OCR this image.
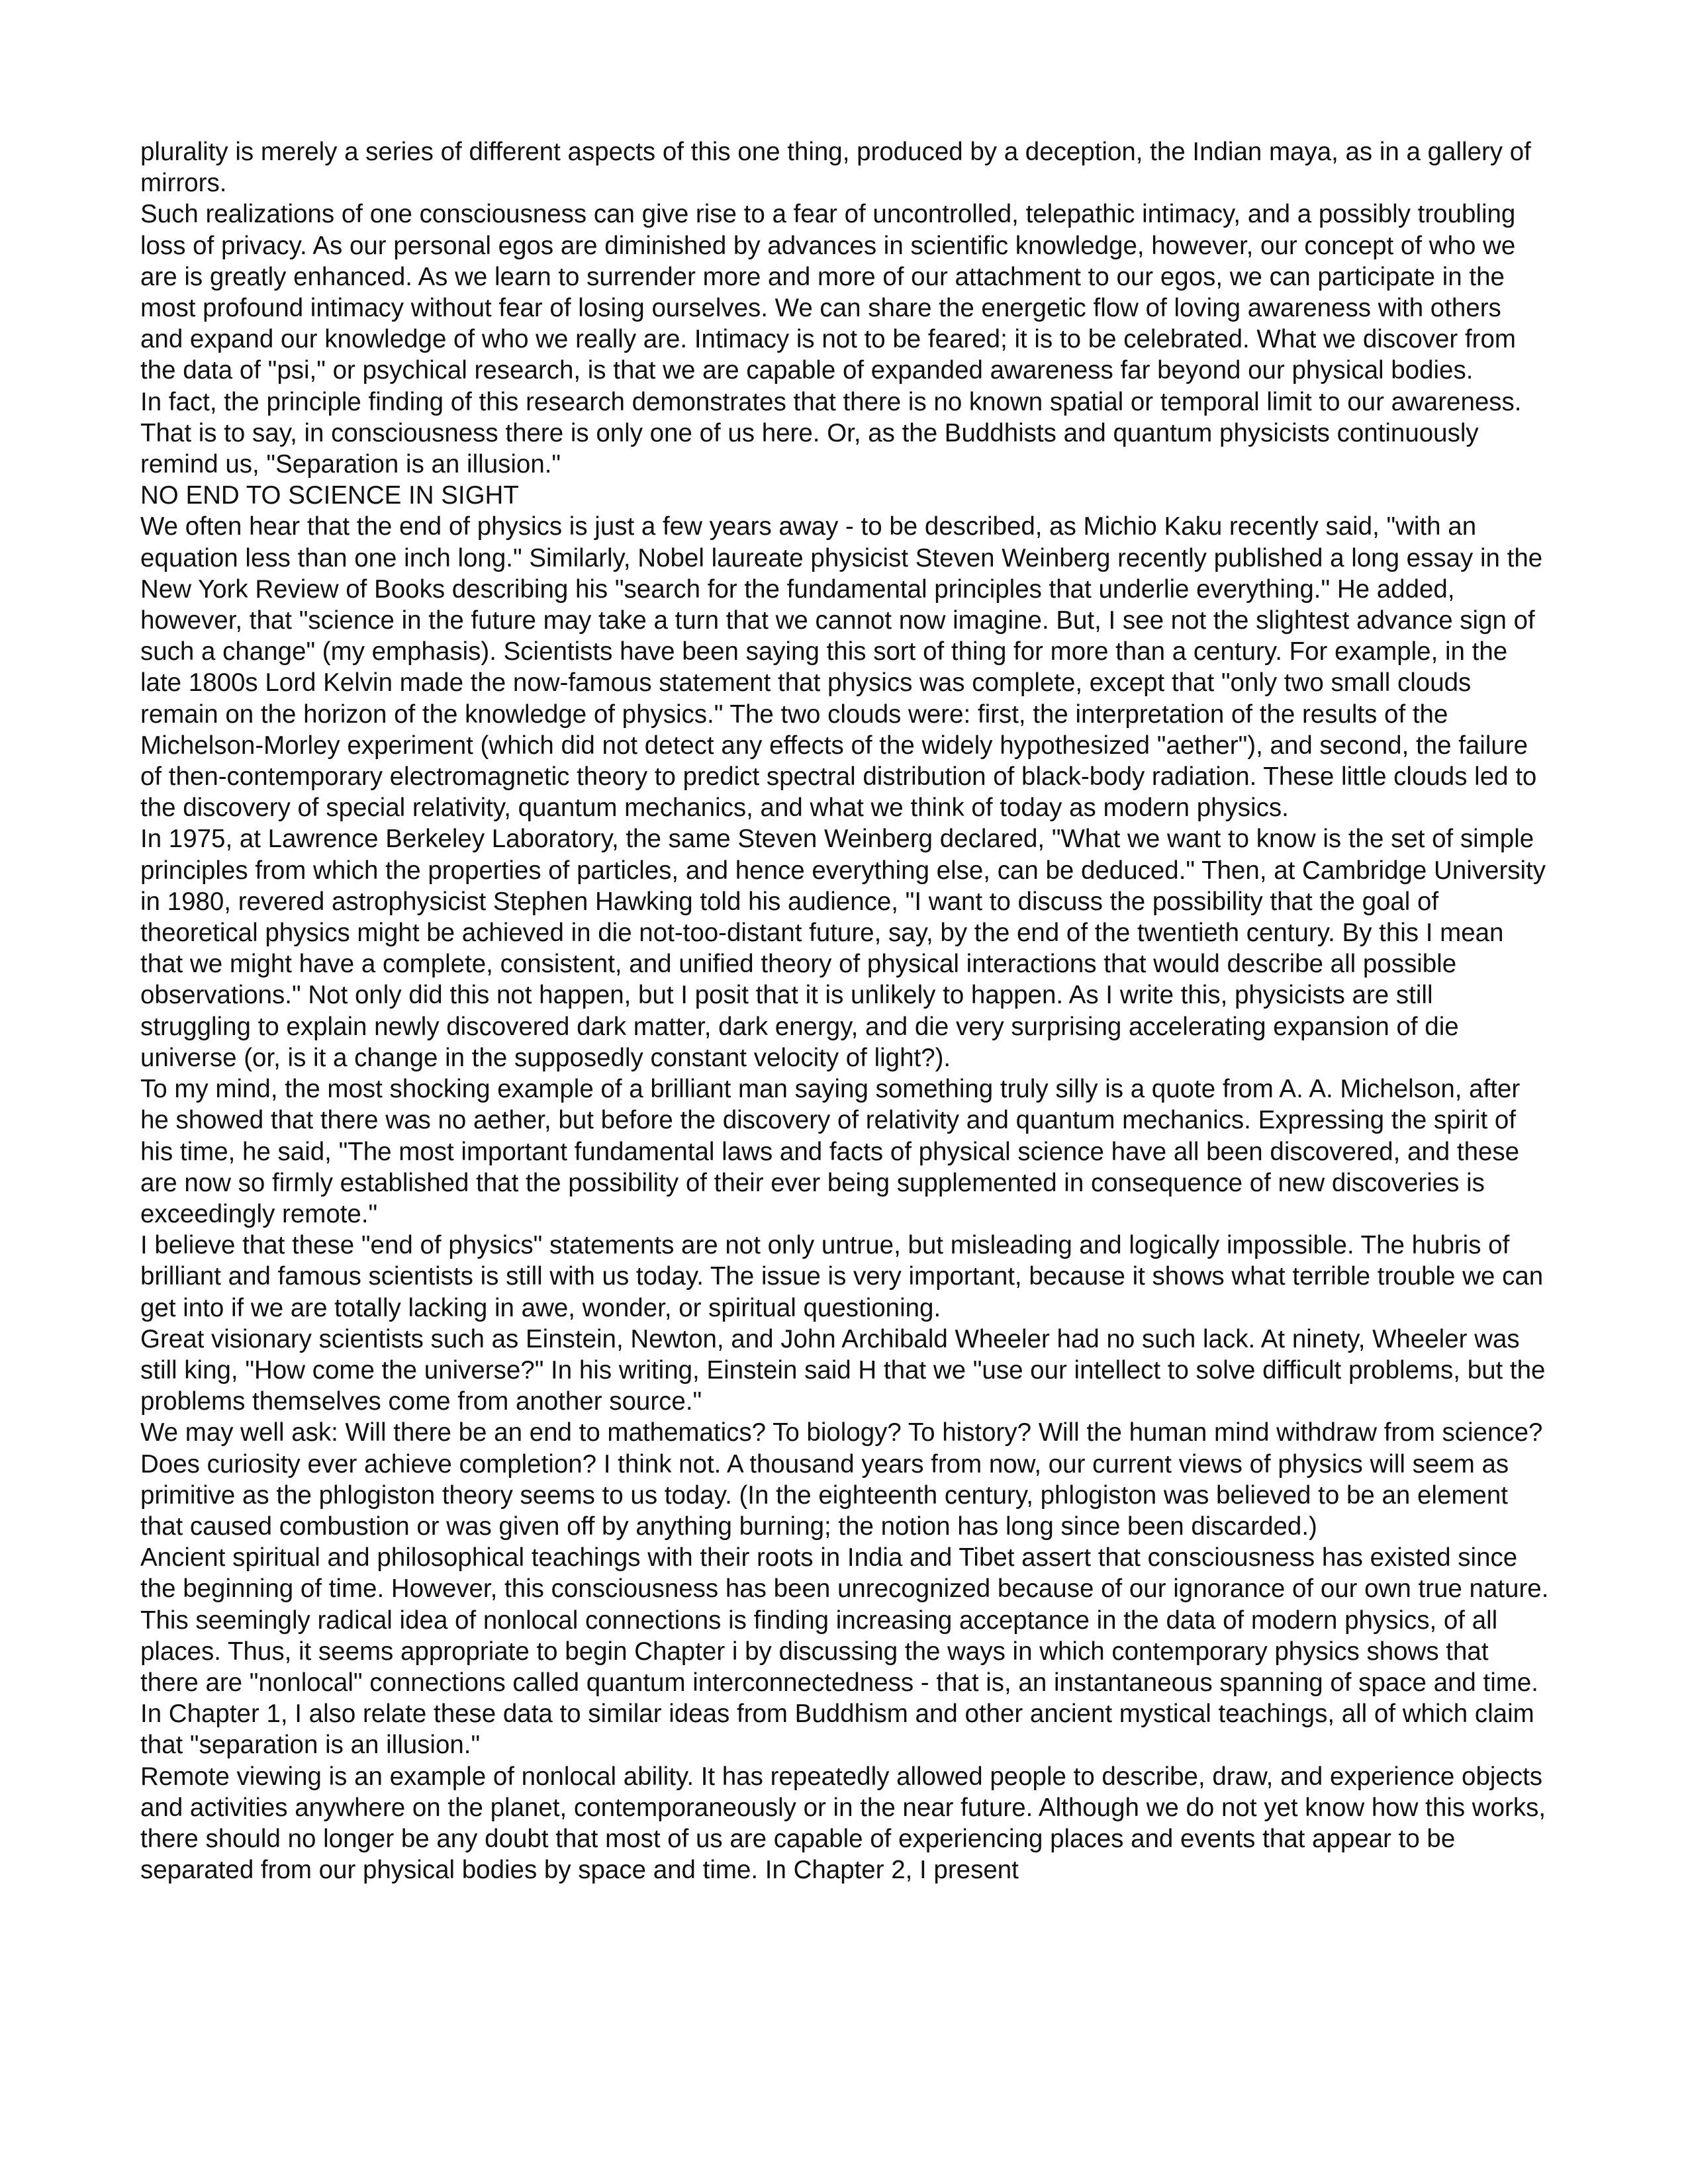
plurality is merely a series of different aspects of this one thing, produced by a deception, the Indian maya, as in a gallery of mirrors.

Such realizations of one consciousness can give rise to a fear of uncontrolled, telepathic intimacy, and a possibly troubling loss of privacy. As our personal egos are diminished by advances in scientific knowledge, however, our concept of who we are is greatly enhanced. As we learn to surrender more and more of our attachment to our egos, we can participate in the most profound intimacy without fear of losing ourselves. We can share the energetic flow of loving awareness with others and expand our knowledge of who we really are. Intimacy is not to be feared; it is to be celebrated. What we discover from the data of "psi," or psychical research, is that we are capable of expanded awareness far beyond our physical bodies.

In fact, the principle finding of this research demonstrates that there is no known spatial or temporal limit to our awareness. That is to say, in consciousness there is only one of us here. Or, as the Buddhists and quantum physicists continuously remind us, "Separation is an illusion."

NO END TO SCIENCE IN SIGHT

We often hear that the end of physics is just a few years away - to be described, as Michio Kaku recently said, "with an equation less than one inch long." Similarly, Nobel laureate physicist Steven Weinberg recently published a long essay in the New York Review of Books describing his "search for the fundamental principles that underlie everything." He added, however, that "science in the future may take a turn that we cannot now imagine. But, I see not the slightest advance sign of such a change" (my emphasis). Scientists have been saying this sort of thing for more than a century. For example, in the late 1800s Lord Kelvin made the now-famous statement that physics was complete, except that "only two small clouds remain on the horizon of the knowledge of physics." The two clouds were: first, the interpretation of the results of the Michelson-Morley experiment (which did not detect any effects of the widely hypothesized "aether"), and second, the failure of then-contemporary electromagnetic theory to predict spectral distribution of black-body radiation. These little clouds led to the discovery of special relativity, quantum mechanics, and what we think of today as modern physics.

In 1975, at Lawrence Berkeley Laboratory, the same Steven Weinberg declared, "What we want to know is the set of simple principles from which the properties of particles, and hence everything else, can be deduced." Then, at Cambridge University in 1980, revered astrophysicist Stephen Hawking told his audience, "I want to discuss the possibility that the goal of theoretical physics might be achieved in die not-too-distant future, say, by the end of the twentieth century. By this I mean that we might have a complete, consistent, and unified theory of physical interactions that would describe all possible observations." Not only did this not happen, but I posit that it is unlikely to happen. As I write this, physicists are still struggling to explain newly discovered dark matter, dark energy, and die very surprising accelerating expansion of die universe (or, is it a change in the supposedly constant velocity of light?).

To my mind, the most shocking example of a brilliant man saying something truly silly is a quote from A. A. Michelson, after he showed that there was no aether, but before the discovery of relativity and quantum mechanics. Expressing the spirit of his time, he said, "The most important fundamental laws and facts of physical science have all been discovered, and these are now so firmly established that the possibility of their ever being supplemented in consequence of new discoveries is exceedingly remote."

I believe that these "end of physics" statements are not only untrue, but misleading and logically impossible. The hubris of brilliant and famous scientists is still with us today. The issue is very important, because it shows what terrible trouble we can get into if we are totally lacking in awe, wonder, or spiritual questioning.

Great visionary scientists such as Einstein, Newton, and John Archibald Wheeler had no such lack. At ninety, Wheeler was still king, "How come the universe?" In his writing, Einstein said H that we "use our intellect to solve difficult problems, but the problems themselves come from another source."

We may well ask: Will there be an end to mathematics? To biology? To history? Will the human mind withdraw from science? Does curiosity ever achieve completion? I think not. A thousand years from now, our current views of physics will seem as primitive as the phlogiston theory seems to us today. (In the eighteenth century, phlogiston was believed to be an element that caused combustion or was given off by anything burning; the notion has long since been discarded.)

Ancient spiritual and philosophical teachings with their roots in India and Tibet assert that consciousness has existed since the beginning of time. However, this consciousness has been unrecognized because of our ignorance of our own true nature. This seemingly radical idea of nonlocal connections is finding increasing acceptance in the data of modern physics, of all places. Thus, it seems appropriate to begin Chapter i by discussing the ways in which contemporary physics shows that there are "nonlocal" connections called quantum interconnectedness - that is, an instantaneous spanning of space and time. In Chapter 1, I also relate these data to similar ideas from Buddhism and other ancient mystical teachings, all of which claim that "separation is an illusion."

Remote viewing is an example of nonlocal ability. It has repeatedly allowed people to describe, draw, and experience objects and activities anywhere on the planet, contemporaneously or in the near future. Although we do not yet know how this works, there should no longer be any doubt that most of us are capable of experiencing places and events that appear to be separated from our physical bodies by space and time. In Chapter 2, I present
